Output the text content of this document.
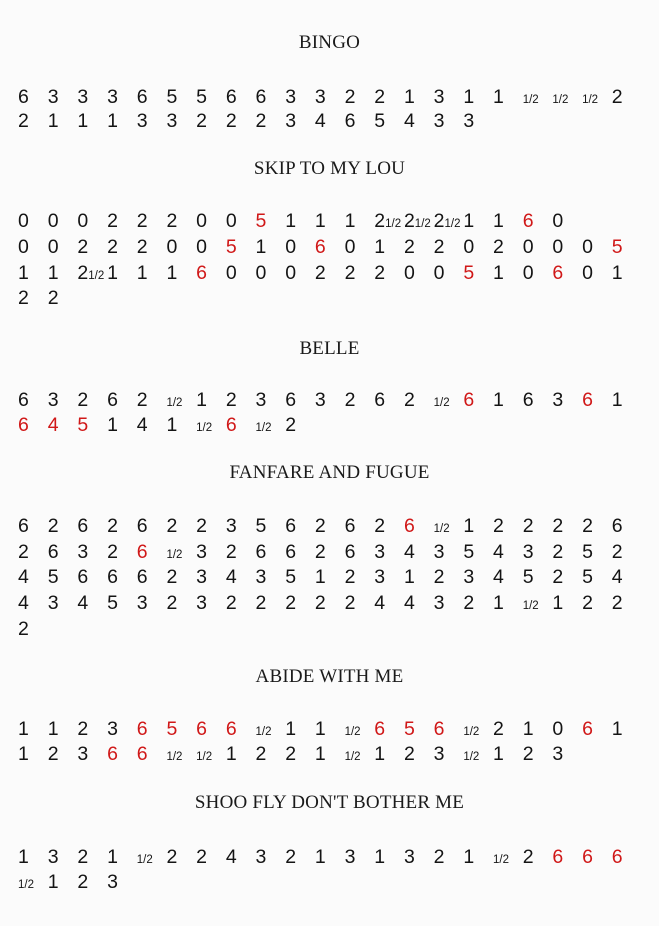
BINGO
6 3 3 3 6 5 5 6 6 3 3 2 2 1 3 1 1 1/2 1/2 1/2 2
2 1 1 1 3 3 2 2 2 3 4 6 5 4 3 3
SKIP TO MY LOU
0 0 0 2 2 2 0 0 5 1 1 1 21/2 21/2 21/2 1 1 6 0
0 0 2 2 2 0 0 5 1 0 6 0 1 2 2 0 2 0 0 0 5
1 1 21/2 1 1 1 6 0 0 0 2 2 2 0 0 5 1 0 6 0 1
2 2
BELLE
6 3 2 6 2 1/2 1 2 3 6 3 2 6 2 1/2 6 1 6 3 6 1
6 4 5 1 4 1 1/2 6 1/2 2
FANFARE AND FUGUE
6 2 6 2 6 2 2 3 5 6 2 6 2 6 1/2 1 2 2 2 2 6
2 6 3 2 6 1/2 3 2 6 6 2 6 3 4 3 5 4 3 2 5 2
4 5 6 6 6 2 3 4 3 5 1 2 3 1 2 3 4 5 2 5 4
4 3 4 5 3 2 3 2 2 2 2 2 4 4 3 2 1 1/2 1 2 2
2
ABIDE WITH ME
1 1 2 3 6 5 6 6 1/2 1 1 1/2 6 5 6 1/2 2 1 0 6 1
1 2 3 6 6 1/2 1/2 1 2 2 1 1/2 1 2 3 1/2 1 2 3
SHOO FLY DON'T BOTHER ME
1 3 2 1 1/2 2 2 4 3 2 1 3 1 3 2 1 1/2 2 6 6 6
1/2 1 2 3
